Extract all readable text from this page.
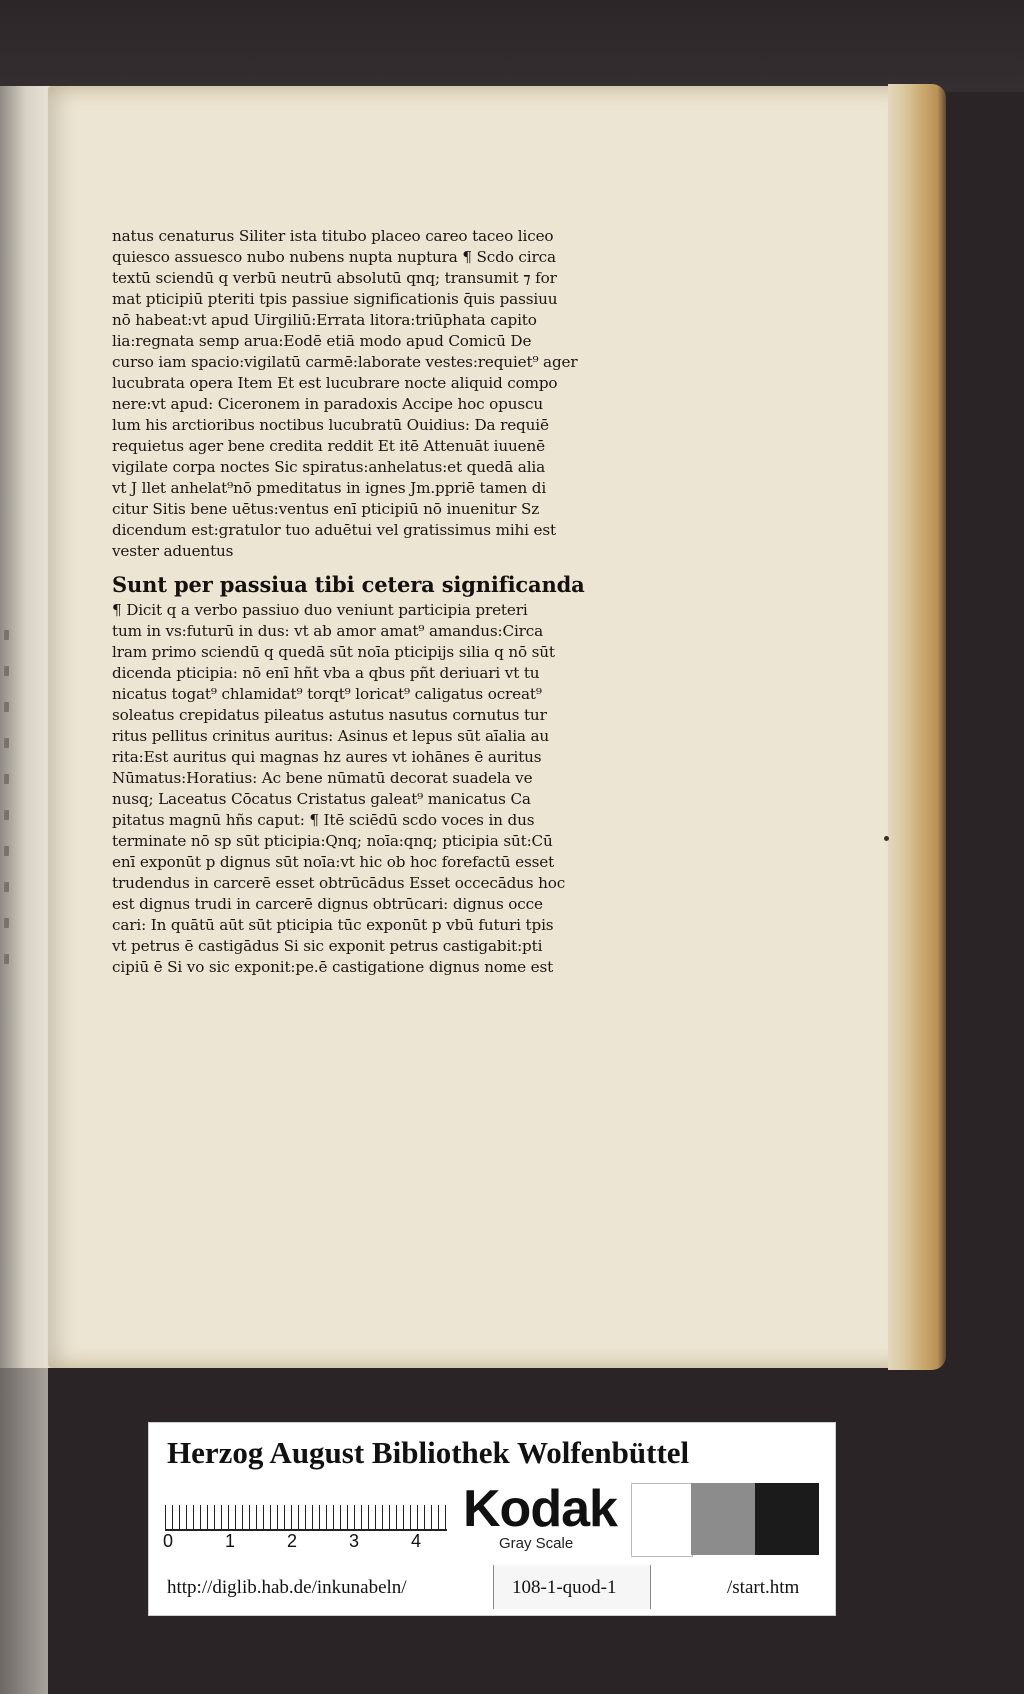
natus cenaturus Siliter ista titubo placeo careo taceo liceo
quiesco assuesco nubo nubens nupta nuptura ¶ Scdo circa
textū sciendū q verbū neutrū absolutū qnq; transumit ⁊ for
mat pticipiū pteriti tpis passiue significationis q̄uis passiuu
nō habeat:vt apud Uirgiliū:Errata litora:triūphata capito
lia:regnata semp arua:Eodē etiā modo apud Comicū De
curso iam spacio:vigilatū carmē:laborate vestes:requiet⁹ ager
lucubrata opera Item Et est lucubrare nocte aliquid compo
nere:vt apud: Ciceronem in paradoxis Accipe hoc opuscu
lum his arctioribus noctibus lucubratū Ouidius: Da requiē
requietus ager bene credita reddit Et itē Attenuāt iuuenē
vigilate corpa noctes Sic spiratus:anhelatus:et quedā alia
vt J llet anhelat⁹nō pmeditatus in ignes Jm.ppriē tamen di
citur Sitis bene uētus:ventus enī pticipiū nō inuenitur Sz
dicendum est:gratulor tuo aduētui vel gratissimus mihi est
vester aduentus
Sunt per passiua tibi cetera significanda
¶ Dicit q a verbo passiuo duo veniunt participia preteri
tum in vs:futurū in dus: vt ab amor amat⁹ amandus:Circa
lram primo sciendū q quedā sūt noīa pticipijs silia q nō sūt
dicenda pticipia: nō enī hñt vba a qbus pñt deriuari vt tu
nicatus togat⁹ chlamidat⁹ torqt⁹ loricat⁹ caligatus ocreat⁹
soleatus crepidatus pileatus astutus nasutus cornutus tur
ritus pellitus crinitus auritus: Asinus et lepus sūt aīalia au
rita:Est auritus qui magnas hz aures vt iohānes ē auritus
Nūmatus:Horatius: Ac bene nūmatū decorat suadela ve
nusq; Laceatus Cōcatus Cristatus galeat⁹ manicatus Ca
pitatus magnū hñs caput: ¶ Itē sciēdū scdo voces in dus
terminate nō sp sūt pticipia:Qnq; noīa:qnq; pticipia sūt:Cū
enī exponūt p dignus sūt noīa:vt hic ob hoc forefactū esset
trudendus in carcerē esset obtrūcādus Esset occecādus hoc
est dignus trudi in carcerē dignus obtrūcari: dignus occe
cari: In quātū aūt sūt pticipia tūc exponūt p vbū futuri tpis
vt petrus ē castigādus Si sic exponit petrus castigabit:pti
cipiū ē Si vo sic exponit:pe.ē castigatione dignus nome est
Herzog August Bibliothek Wolfenbüttel
0	1	2	3	4
Kodak
Gray Scale
http://diglib.hab.de/inkunabeln/	108-1-quod-1	/start.htm
